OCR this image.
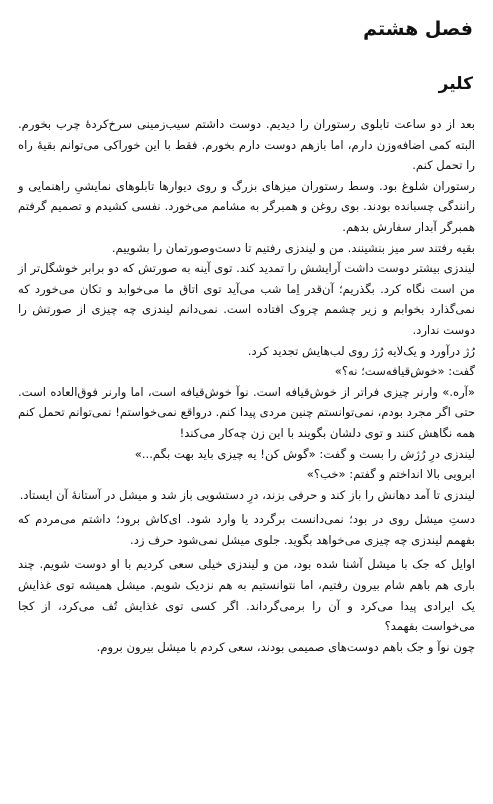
فصل هشتم
کلیر

بعد از دو ساعت تابلوی رستوران را دیدیم. دوست داشتم سیب‌زمینی سرخ‌کردهٔ چرب بخورم. البته کمی اضافه‌وزن دارم، اما بازهم دوست دارم بخورم. فقط با این خوراکی می‌توانم بقیهٔ راه را تحمل کنم.

رستوران شلوغ بود. وسط رستوران میزهای بزرگ و روی دیوارها تابلوهای نمایشیِ راهنمایی و رانندگی چسبانده بودند. بوی روغن و همبرگر به مشامم می‌خورد. نفسی کشیدم و تصمیم گرفتم همبرگر آبدار سفارش بدهم.

بقیه رفتند سر میز بنشینند. من و لیندزی رفتیم تا دست‌وصورتمان را بشوییم.

لیندزی بیشتر دوست داشت آرایشش را تمدید کند. توی آینه به صورتش که دو برابر خوشگل‌تر از من است نگاه کرد. بگذریم؛ آن‌قدر اِما شب می‌آید توی اتاق ما می‌خوابد و تکان می‌خورد که نمی‌گذارد بخوابم و زیر چشمم چروک افتاده است. نمی‌دانم لیندزی چه چیزی از صورتش را دوست ندارد.

رُژ درآورد و یک‌لایه رُژ روی لب‌هایش تجدید کرد.

گفت: «خوش‌قیافه‌ست؛ نه؟»

«آره.» وارنر چیزی فراتر از خوش‌قیافه است. نوآ خوش‌قیافه است، اما وارنر فوق‌العاده است. حتی اگر مجرد بودم، نمی‌توانستم چنین مردی پیدا کنم. درواقع نمی‌خواستم! نمی‌توانم تحمل کنم همه نگاهش کنند و توی دلشان بگویند با این زن چه‌کار می‌کند!

لیندزی درِ رُژش را بست و گفت: «گوش کن! یه چیزی باید بهت بگم...»

ابرویی بالا انداختم و گفتم: «خب؟»

لیندزی تا آمد دهانش را باز کند و حرفی بزند، درِ دستشویی باز شد و میشل در آستانهٔ آن ایستاد.

دستِ میشل روی در بود؛ نمی‌دانست برگردد یا وارد شود. ای‌کاش برود؛ داشتم می‌مردم که بفهمم لیندزی چه چیزی می‌خواهد بگوید. جلوی میشل نمی‌شود حرف زد.

اوایل که جک با میشل آشنا شده بود، من و لیندزی خیلی سعی کردیم با او دوست شویم. چند باری هم باهم شام بیرون رفتیم، اما نتوانستیم به هم نزدیک شویم. میشل همیشه توی غذایش یک ایرادی پیدا می‌کرد و آن را برمی‌گرداند. اگر کسی توی غذایش تُف می‌کرد، از کجا می‌خواست بفهمد؟

چون نوآ و جک باهم دوست‌های صمیمی بودند، سعی کردم با میشل بیرون بروم.
